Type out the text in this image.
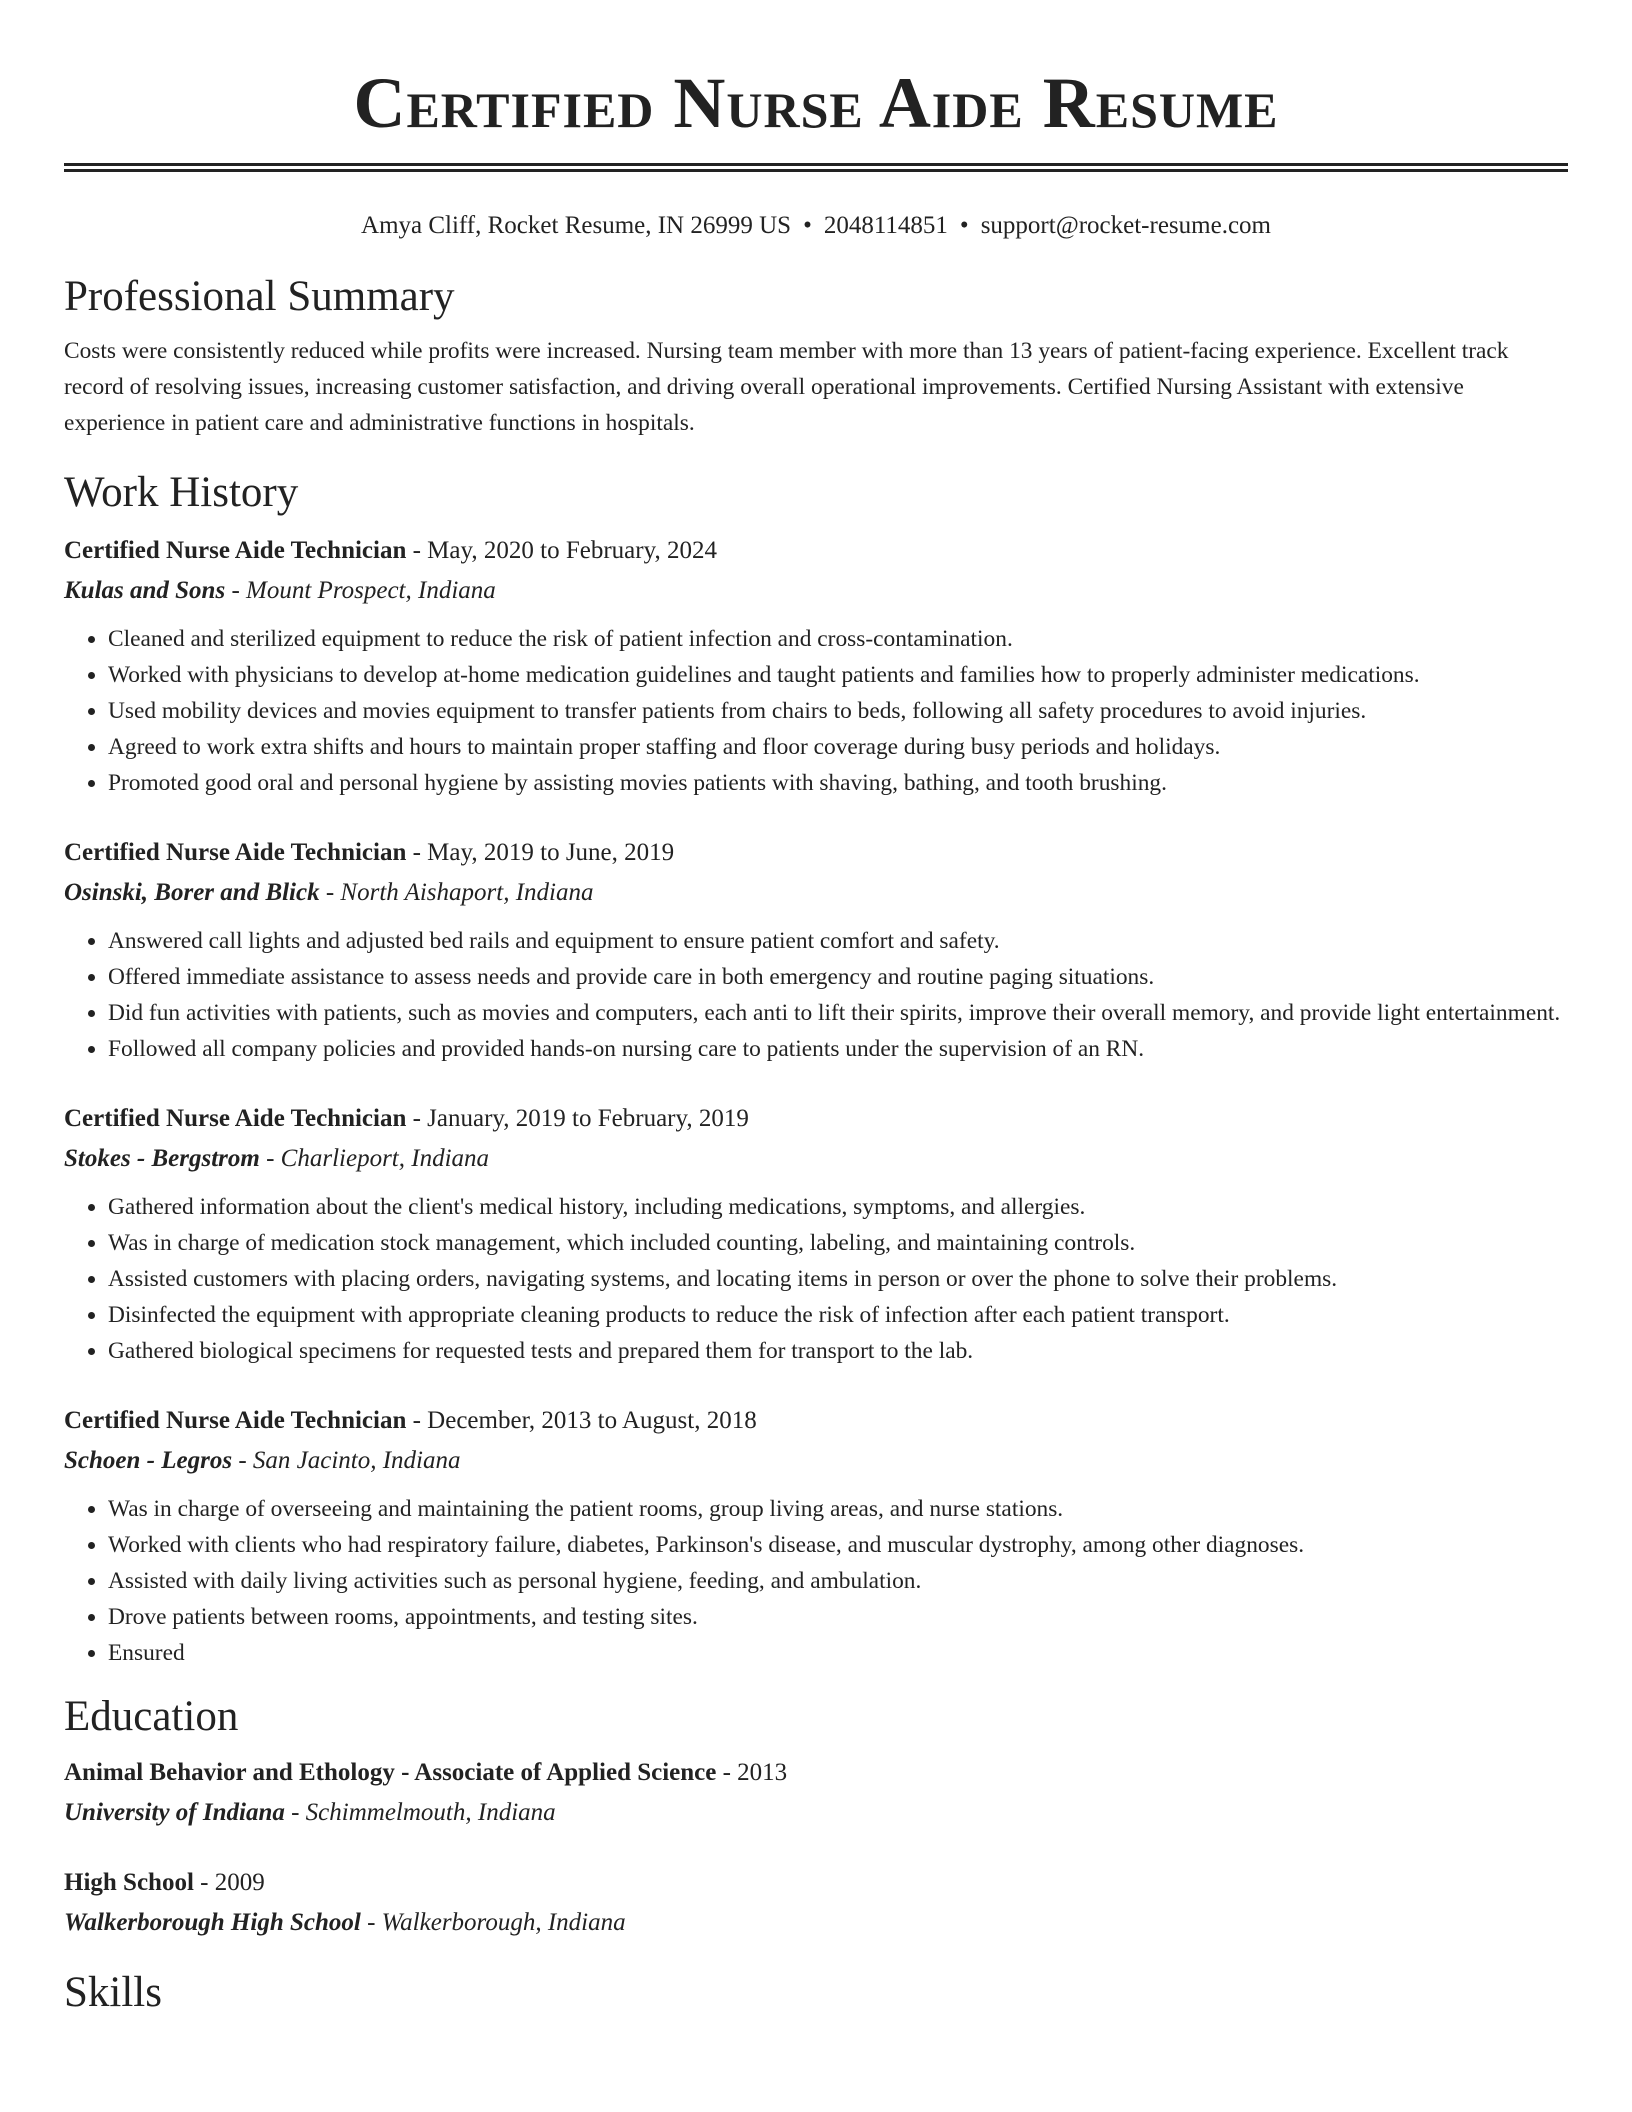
Certified Nurse Aide Resume
Amya Cliff, Rocket Resume, IN 26999 US • 2048114851 • support@rocket-resume.com
Professional Summary
Costs were consistently reduced while profits were increased. Nursing team member with more than 13 years of patient-facing experience. Excellent track record of resolving issues, increasing customer satisfaction, and driving overall operational improvements. Certified Nursing Assistant with extensive experience in patient care and administrative functions in hospitals.
Work History
Certified Nurse Aide Technician - May, 2020 to February, 2024
Kulas and Sons - Mount Prospect, Indiana
• Cleaned and sterilized equipment to reduce the risk of patient infection and cross-contamination.
• Worked with physicians to develop at-home medication guidelines and taught patients and families how to properly administer medications.
• Used mobility devices and movies equipment to transfer patients from chairs to beds, following all safety procedures to avoid injuries.
• Agreed to work extra shifts and hours to maintain proper staffing and floor coverage during busy periods and holidays.
• Promoted good oral and personal hygiene by assisting movies patients with shaving, bathing, and tooth brushing.
Certified Nurse Aide Technician - May, 2019 to June, 2019
Osinski, Borer and Blick - North Aishaport, Indiana
• Answered call lights and adjusted bed rails and equipment to ensure patient comfort and safety.
• Offered immediate assistance to assess needs and provide care in both emergency and routine paging situations.
• Did fun activities with patients, such as movies and computers, each anti to lift their spirits, improve their overall memory, and provide light entertainment.
• Followed all company policies and provided hands-on nursing care to patients under the supervision of an RN.
Certified Nurse Aide Technician - January, 2019 to February, 2019
Stokes - Bergstrom - Charlieport, Indiana
• Gathered information about the client's medical history, including medications, symptoms, and allergies.
• Was in charge of medication stock management, which included counting, labeling, and maintaining controls.
• Assisted customers with placing orders, navigating systems, and locating items in person or over the phone to solve their problems.
• Disinfected the equipment with appropriate cleaning products to reduce the risk of infection after each patient transport.
• Gathered biological specimens for requested tests and prepared them for transport to the lab.
Certified Nurse Aide Technician - December, 2013 to August, 2018
Schoen - Legros - San Jacinto, Indiana
• Was in charge of overseeing and maintaining the patient rooms, group living areas, and nurse stations.
• Worked with clients who had respiratory failure, diabetes, Parkinson's disease, and muscular dystrophy, among other diagnoses.
• Assisted with daily living activities such as personal hygiene, feeding, and ambulation.
• Drove patients between rooms, appointments, and testing sites.
• Ensured
Education
Animal Behavior and Ethology - Associate of Applied Science - 2013
University of Indiana - Schimmelmouth, Indiana
High School - 2009
Walkerborough High School - Walkerborough, Indiana
Skills
